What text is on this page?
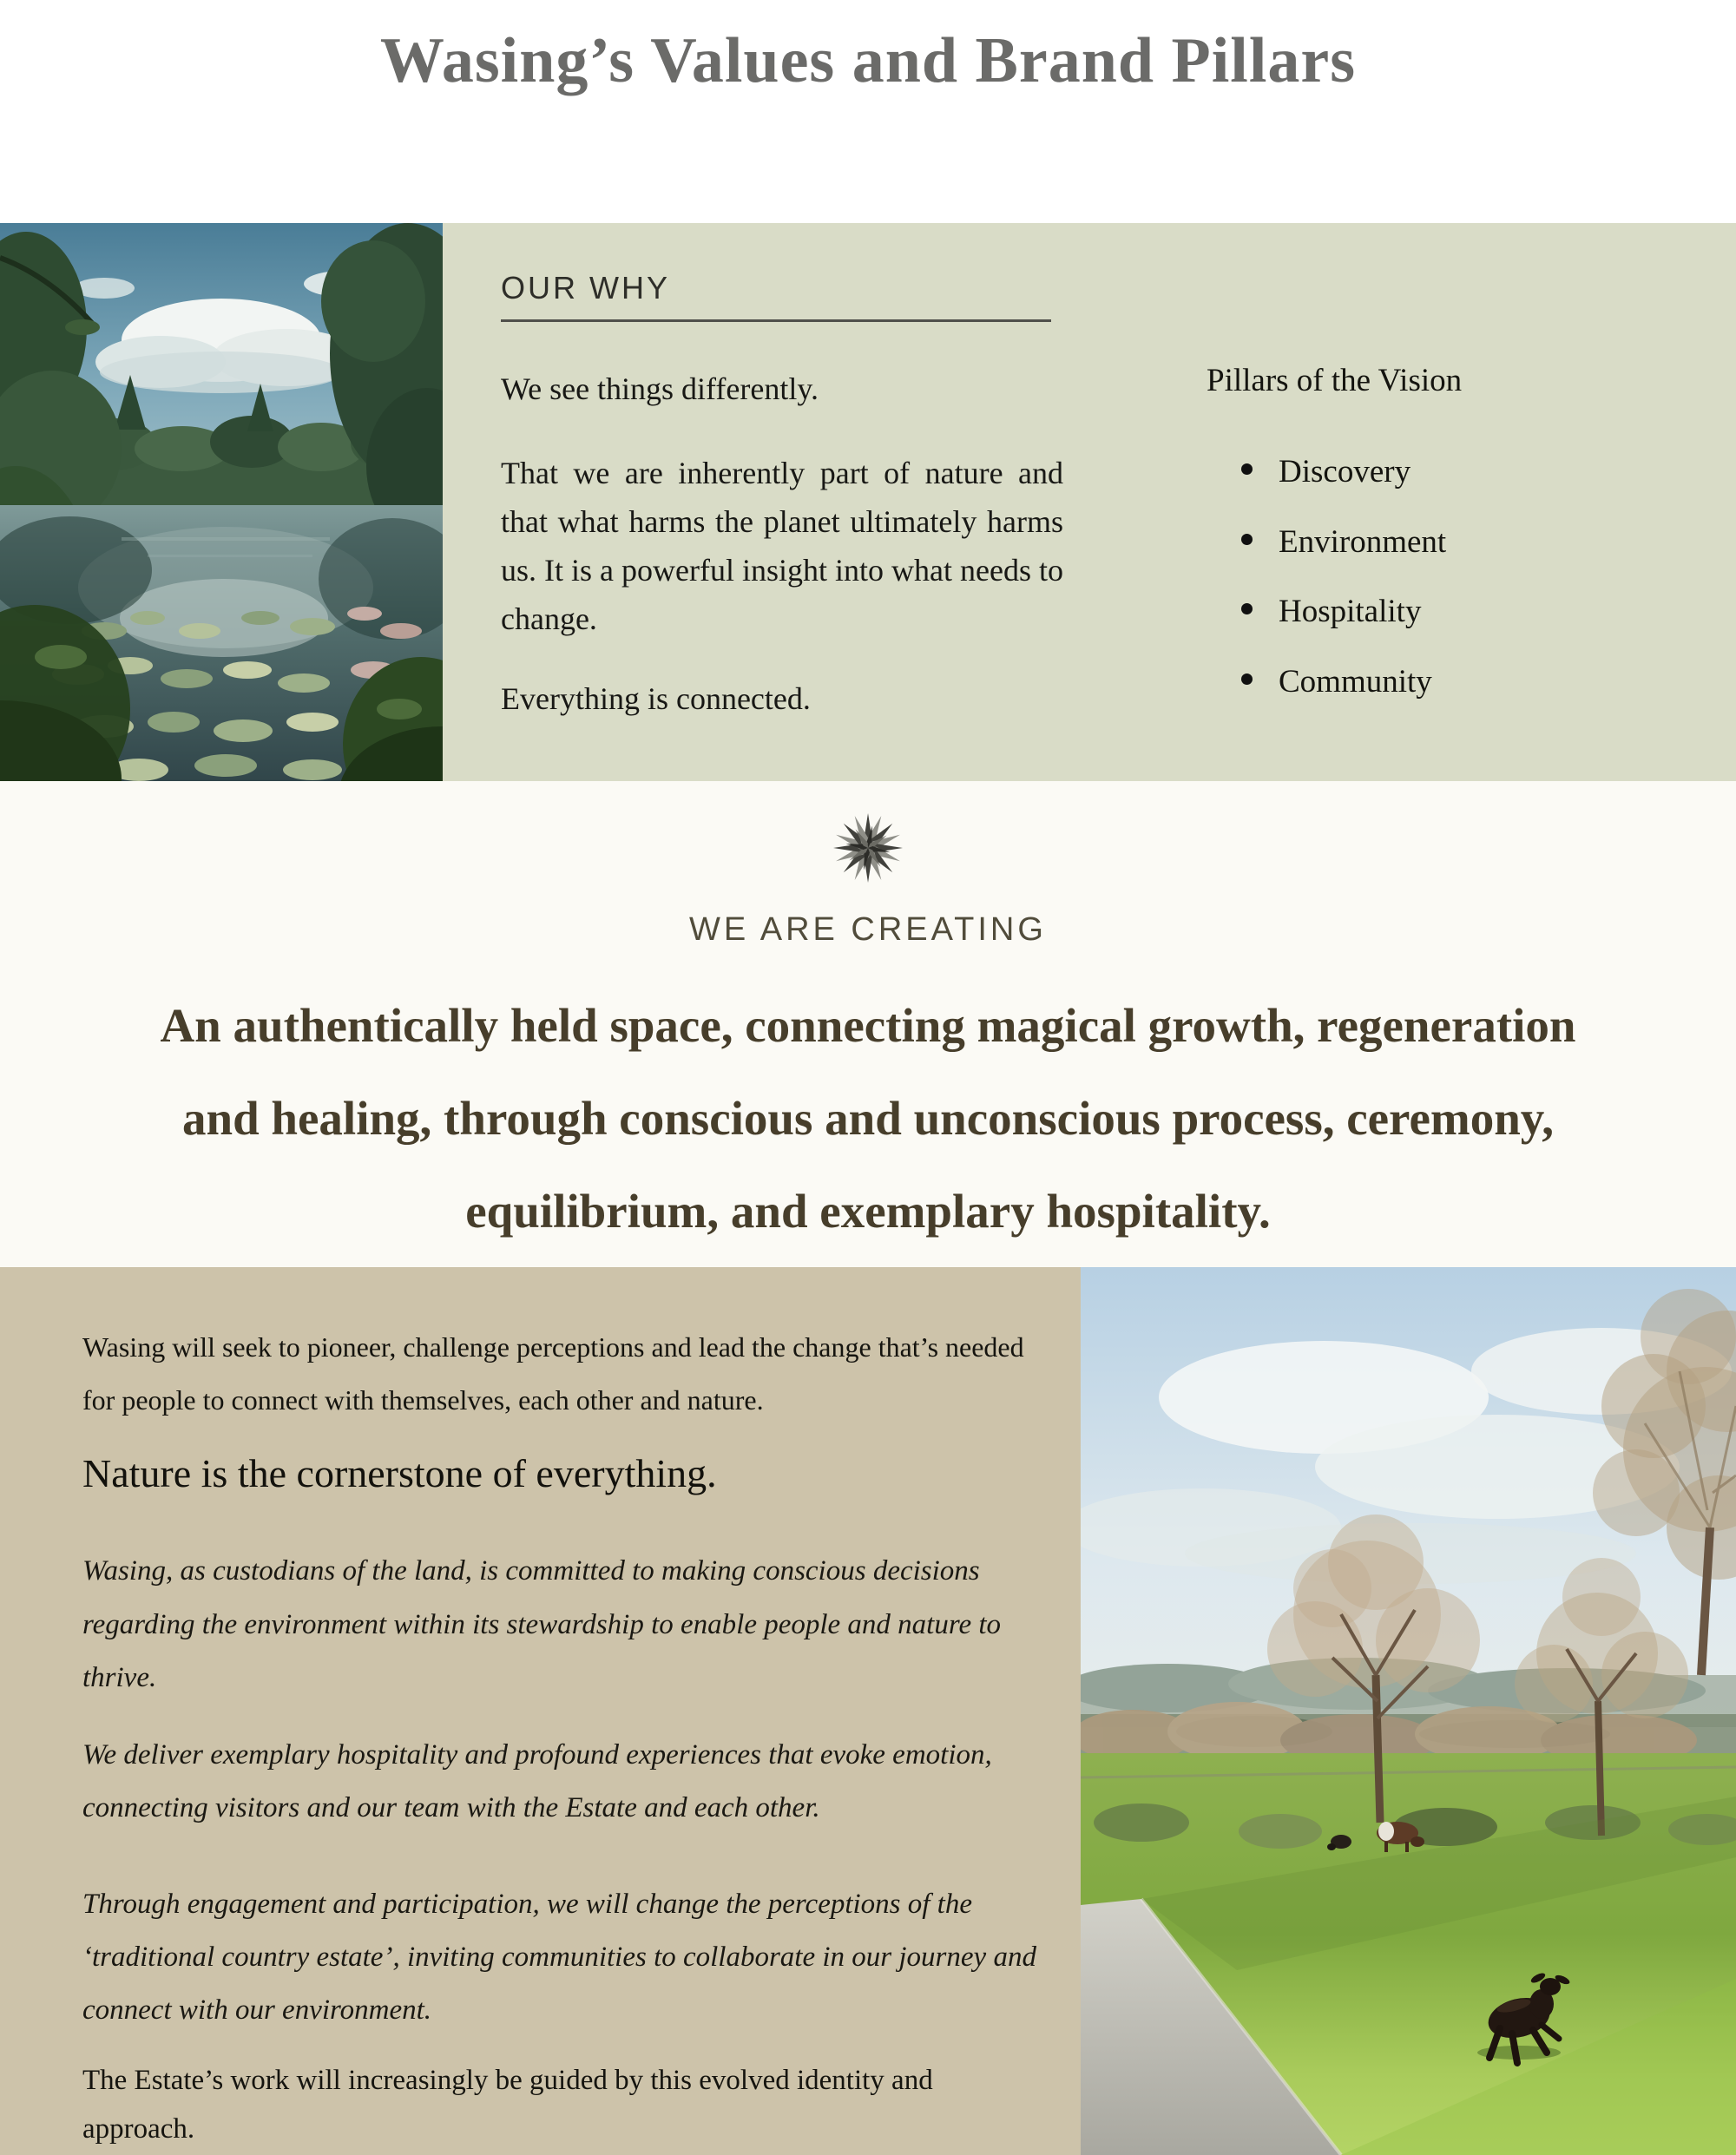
Wasing’s Values and Brand Pillars
OUR WHY

We see things differently.

That we are inherently part of nature and that what harms the planet ultimately harms us. It is a powerful insight into what needs to change.

Everything is connected.

Pillars of the Vision
Discovery
Environment
Hospitality
Community
WE ARE CREATING
An authentically held space, connecting magical growth, regeneration and healing, through conscious and unconscious process, ceremony, equilibrium, and exemplary hospitality.

Wasing will seek to pioneer, challenge perceptions and lead the change that’s needed for people to connect with themselves, each other and nature.

Nature is the cornerstone of everything.

Wasing, as custodians of the land, is committed to making conscious decisions regarding the environment within its stewardship to enable people and nature to thrive.

We deliver exemplary hospitality and profound experiences that evoke emotion, connecting visitors and our team with the Estate and each other.

Through engagement and participation, we will change the perceptions of the ‘traditional country estate’, inviting communities to collaborate in our journey and connect with our environment.

The Estate’s work will increasingly be guided by this evolved identity and approach.
